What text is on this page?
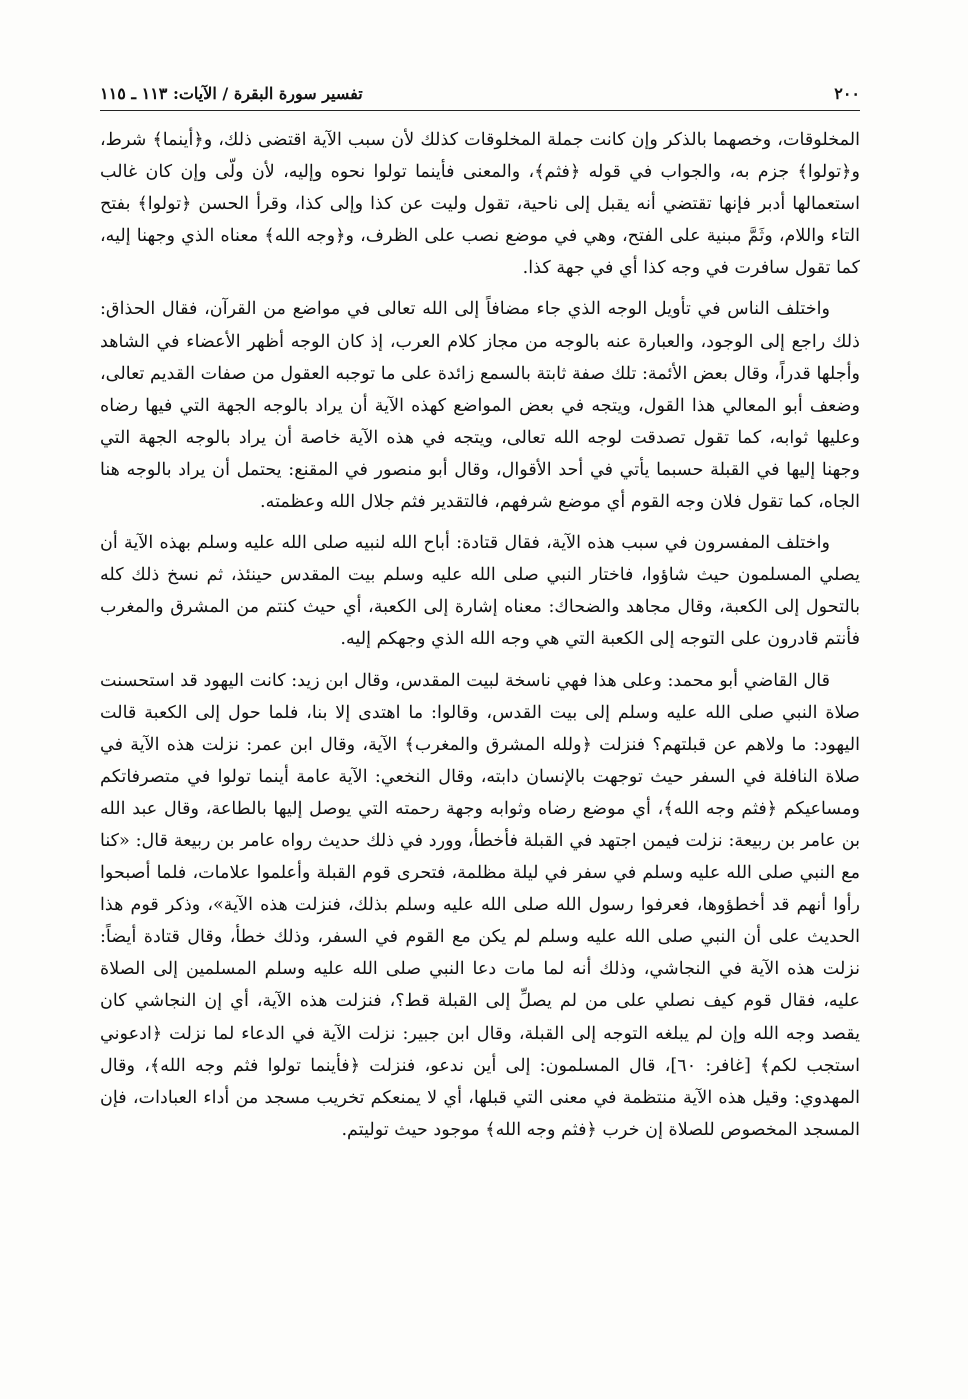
٢٠٠
تفسير سورة البقرة / الآيات: ١١٣ ـ ١١٥

المخلوقات، وخصهما بالذكر وإن كانت جملة المخلوقات كذلك لأن سبب الآية اقتضى ذلك، و﴿أينما﴾ شرط، و﴿تولوا﴾ جزم به، والجواب في قوله ﴿فثم﴾، والمعنى فأينما تولوا نحوه وإليه، لأن ولّى وإن كان غالب استعمالها أدبر فإنها تقتضي أنه يقبل إلى ناحية، تقول وليت عن كذا وإلى كذا، وقرأ الحسن ﴿تولوا﴾ بفتح التاء واللام، وثَمَّ مبنية على الفتح، وهي في موضع نصب على الظرف، و﴿وجه الله﴾ معناه الذي وجهنا إليه، كما تقول سافرت في وجه كذا أي في جهة كذا.

واختلف الناس في تأويل الوجه الذي جاء مضافاً إلى الله تعالى في مواضع من القرآن، فقال الحذاق: ذلك راجع إلى الوجود، والعبارة عنه بالوجه من مجاز كلام العرب، إذ كان الوجه أظهر الأعضاء في الشاهد وأجلها قدراً، وقال بعض الأئمة: تلك صفة ثابتة بالسمع زائدة على ما توجبه العقول من صفات القديم تعالى، وضعف أبو المعالي هذا القول، ويتجه في بعض المواضع كهذه الآية أن يراد بالوجه الجهة التي فيها رضاه وعليها ثوابه، كما تقول تصدقت لوجه الله تعالى، ويتجه في هذه الآية خاصة أن يراد بالوجه الجهة التي وجهنا إليها في القبلة حسبما يأتي في أحد الأقوال، وقال أبو منصور في المقنع: يحتمل أن يراد بالوجه هنا الجاه، كما تقول فلان وجه القوم أي موضع شرفهم، فالتقدير فثم جلال الله وعظمته.

واختلف المفسرون في سبب هذه الآية، فقال قتادة: أباح الله لنبيه صلى الله عليه وسلم بهذه الآية أن يصلي المسلمون حيث شاؤوا، فاختار النبي صلى الله عليه وسلم بيت المقدس حينئذ، ثم نسخ ذلك كله بالتحول إلى الكعبة، وقال مجاهد والضحاك: معناه إشارة إلى الكعبة، أي حيث كنتم من المشرق والمغرب فأنتم قادرون على التوجه إلى الكعبة التي هي وجه الله الذي وجهكم إليه.

قال القاضي أبو محمد: وعلى هذا فهي ناسخة لبيت المقدس، وقال ابن زيد: كانت اليهود قد استحسنت صلاة النبي صلى الله عليه وسلم إلى بيت القدس، وقالوا: ما اهتدى إلا بنا، فلما حول إلى الكعبة قالت اليهود: ما ولاهم عن قبلتهم؟ فنزلت ﴿ولله المشرق والمغرب﴾ الآية، وقال ابن عمر: نزلت هذه الآية في صلاة النافلة في السفر حيث توجهت بالإنسان دابته، وقال النخعي: الآية عامة أينما تولوا في متصرفاتكم ومساعيكم ﴿فثم وجه الله﴾، أي موضع رضاه وثوابه وجهة رحمته التي يوصل إليها بالطاعة، وقال عبد الله بن عامر بن ربيعة: نزلت فيمن اجتهد في القبلة فأخطأ، وورد في ذلك حديث رواه عامر بن ربيعة قال: «كنا مع النبي صلى الله عليه وسلم في سفر في ليلة مظلمة، فتحرى قوم القبلة وأعلموا علامات، فلما أصبحوا رأوا أنهم قد أخطؤوها، فعرفوا رسول الله صلى الله عليه وسلم بذلك، فنزلت هذه الآية»، وذكر قوم هذا الحديث على أن النبي صلى الله عليه وسلم لم يكن مع القوم في السفر، وذلك خطأ، وقال قتادة أيضاً: نزلت هذه الآية في النجاشي، وذلك أنه لما مات دعا النبي صلى الله عليه وسلم المسلمين إلى الصلاة عليه، فقال قوم كيف نصلي على من لم يصلِّ إلى القبلة قط؟، فنزلت هذه الآية، أي إن النجاشي كان يقصد وجه الله وإن لم يبلغه التوجه إلى القبلة، وقال ابن جبير: نزلت الآية في الدعاء لما نزلت ﴿ادعوني استجب لكم﴾ [غافر: ٦٠]، قال المسلمون: إلى أين ندعو، فنزلت ﴿فأينما تولوا فثم وجه الله﴾، وقال المهدوي: وقيل هذه الآية منتظمة في معنى التي قبلها، أي لا يمنعكم تخريب مسجد من أداء العبادات، فإن المسجد المخصوص للصلاة إن خرب ﴿فثم وجه الله﴾ موجود حيث توليتم.
